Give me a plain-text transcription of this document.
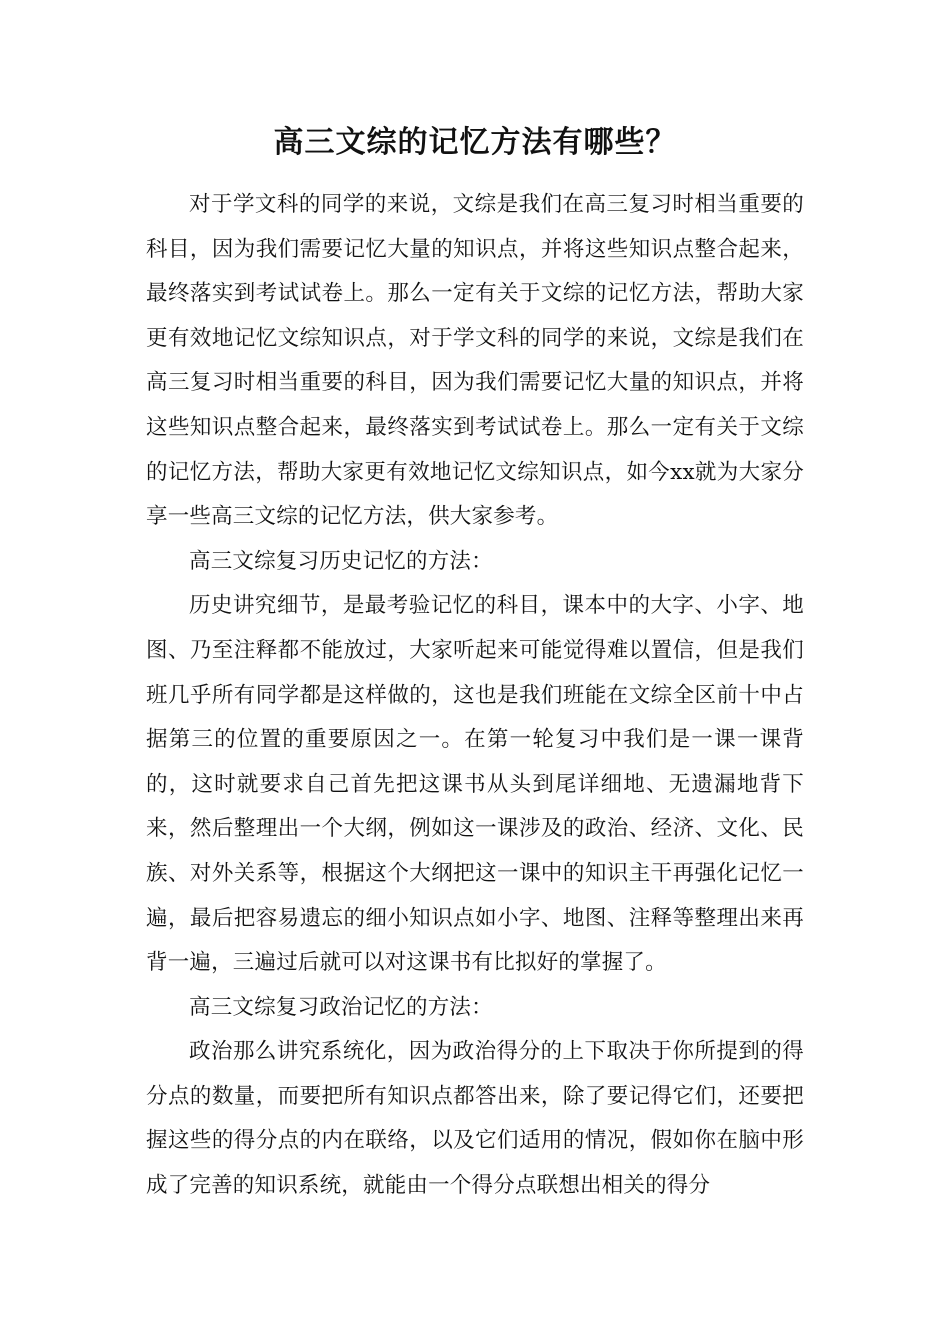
高三文综的记忆方法有哪些？

对于学文科的同学的来说，文综是我们在高三复习时相当重要的科目，因为我们需要记忆大量的知识点，并将这些知识点整合起来，最终落实到考试试卷上。那么一定有关于文综的记忆方法，帮助大家更有效地记忆文综知识点，对于学文科的同学的来说，文综是我们在高三复习时相当重要的科目，因为我们需要记忆大量的知识点，并将这些知识点整合起来，最终落实到考试试卷上。那么一定有关于文综的记忆方法，帮助大家更有效地记忆文综知识点，如今xx就为大家分享一些高三文综的记忆方法，供大家参考。

高三文综复习历史记忆的方法：

历史讲究细节，是最考验记忆的科目，课本中的大字、小字、地图、乃至注释都不能放过，大家听起来可能觉得难以置信，但是我们班几乎所有同学都是这样做的，这也是我们班能在文综全区前十中占据第三的位置的重要原因之一。在第一轮复习中我们是一课一课背的，这时就要求自己首先把这课书从头到尾详细地、无遗漏地背下来，然后整理出一个大纲，例如这一课涉及的政治、经济、文化、民族、对外关系等，根据这个大纲把这一课中的知识主干再强化记忆一遍，最后把容易遗忘的细小知识点如小字、地图、注释等整理出来再背一遍，三遍过后就可以对这课书有比拟好的掌握了。

高三文综复习政治记忆的方法：

政治那么讲究系统化，因为政治得分的上下取决于你所提到的得分点的数量，而要把所有知识点都答出来，除了要记得它们，还要把握这些的得分点的内在联络，以及它们适用的情况，假如你在脑中形成了完善的知识系统，就能由一个得分点联想出相关的得分
